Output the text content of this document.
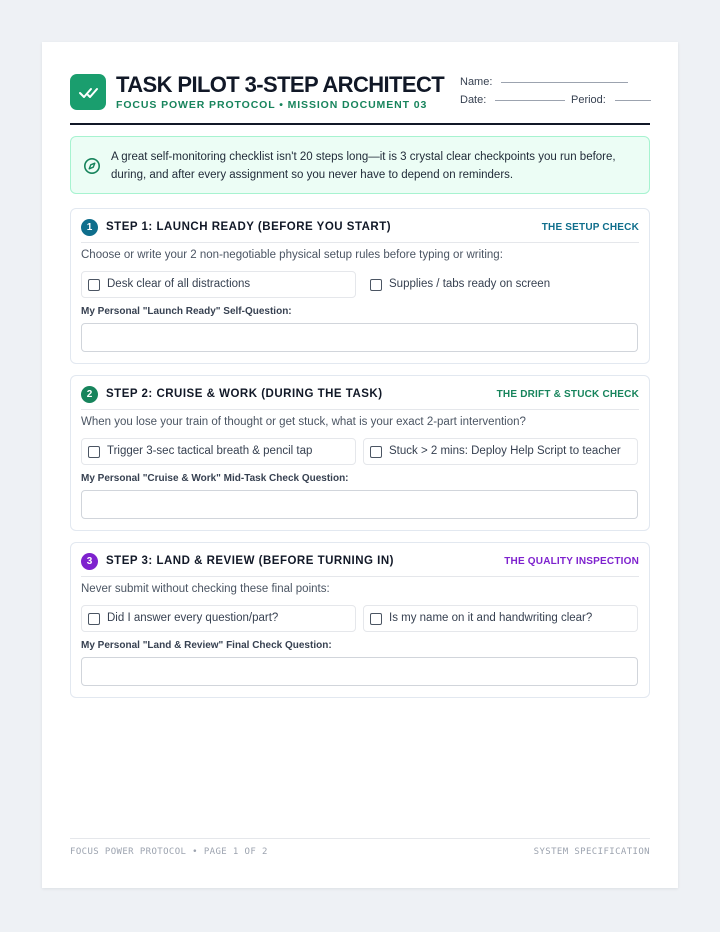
TASK PILOT 3-STEP ARCHITECT
FOCUS POWER PROTOCOL • MISSION DOCUMENT 03
Name:
Date:	Period:
A great self-monitoring checklist isn't 20 steps long—it is 3 crystal clear checkpoints you run before, during, and after every assignment so you never have to depend on reminders.
1	STEP 1: LAUNCH READY (BEFORE YOU START)	THE SETUP CHECK
Choose or write your 2 non-negotiable physical setup rules before typing or writing:
Desk clear of all distractions	Supplies / tabs ready on screen
My Personal "Launch Ready" Self-Question:
2	STEP 2: CRUISE & WORK (DURING THE TASK)	THE DRIFT & STUCK CHECK
When you lose your train of thought or get stuck, what is your exact 2-part intervention?
Trigger 3-sec tactical breath & pencil tap	Stuck > 2 mins: Deploy Help Script to teacher
My Personal "Cruise & Work" Mid-Task Check Question:
3	STEP 3: LAND & REVIEW (BEFORE TURNING IN)	THE QUALITY INSPECTION
Never submit without checking these final points:
Did I answer every question/part?	Is my name on it and handwriting clear?
My Personal "Land & Review" Final Check Question:
FOCUS POWER PROTOCOL • PAGE 1 OF 2	SYSTEM SPECIFICATION
